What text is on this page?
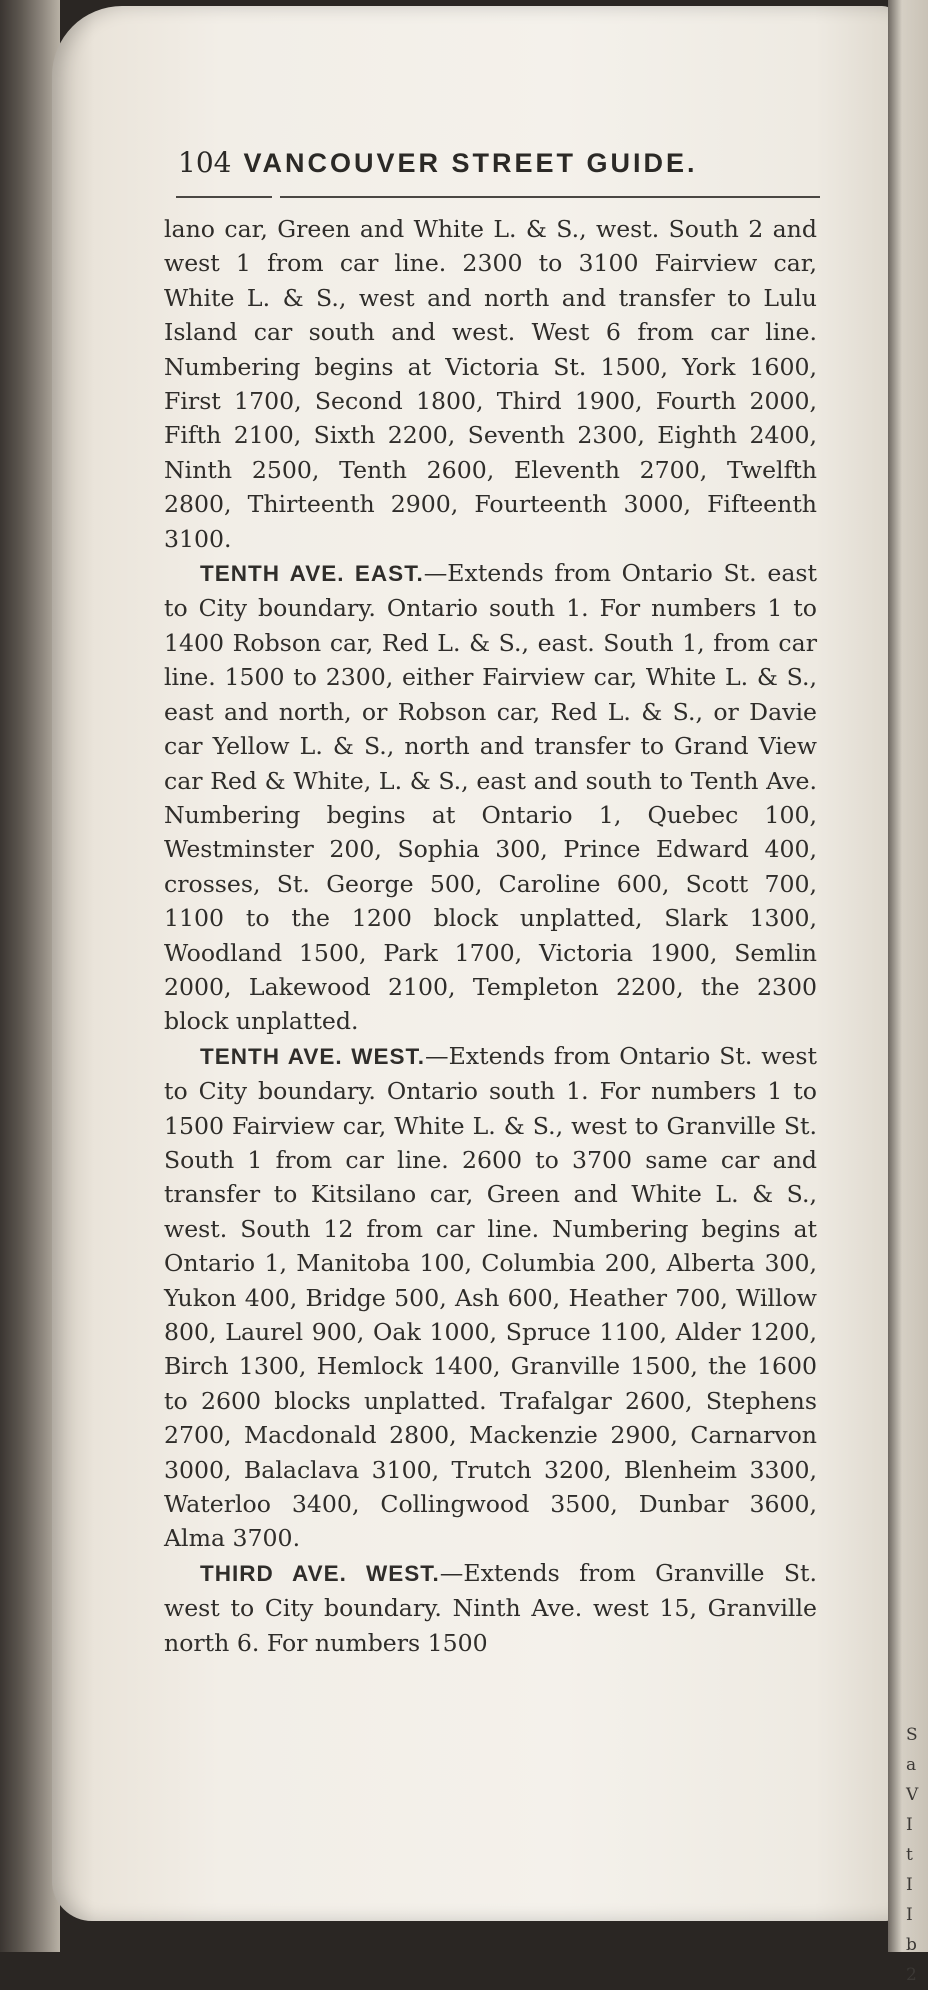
S
a
V
I
t
I
I
b
2
104 VANCOUVER STREET GUIDE.

lano car, Green and White L. & S., west. South 2 and west 1 from car line. 2300 to 3100 Fairview car, White L. & S., west and north and transfer to Lulu Island car south and west. West 6 from car line. Numbering begins at Victoria St. 1500, York 1600, First 1700, Second 1800, Third 1900, Fourth 2000, Fifth 2100, Sixth 2200, Seventh 2300, Eighth 2400, Ninth 2500, Tenth 2600, Eleventh 2700, Twelfth 2800, Thirteenth 2900, Fourteenth 3000, Fifteenth 3100.

TENTH AVE. EAST.—Extends from Ontario St. east to City boundary. Ontario south 1. For numbers 1 to 1400 Robson car, Red L. & S., east. South 1, from car line. 1500 to 2300, either Fairview car, White L. & S., east and north, or Robson car, Red L. & S., or Davie car Yellow L. & S., north and transfer to Grand View car Red & White, L. & S., east and south to Tenth Ave. Numbering begins at Ontario 1, Quebec 100, Westminster 200, Sophia 300, Prince Edward 400, crosses, St. George 500, Caroline 600, Scott 700, 1100 to the 1200 block unplatted, Slark 1300, Woodland 1500, Park 1700, Victoria 1900, Semlin 2000, Lakewood 2100, Templeton 2200, the 2300 block unplatted.

TENTH AVE. WEST.—Extends from Ontario St. west to City boundary. Ontario south 1. For numbers 1 to 1500 Fairview car, White L. & S., west to Granville St. South 1 from car line. 2600 to 3700 same car and transfer to Kitsilano car, Green and White L. & S., west. South 12 from car line. Numbering begins at Ontario 1, Manitoba 100, Columbia 200, Alberta 300, Yukon 400, Bridge 500, Ash 600, Heather 700, Willow 800, Laurel 900, Oak 1000, Spruce 1100, Alder 1200, Birch 1300, Hemlock 1400, Granville 1500, the 1600 to 2600 blocks unplatted. Trafalgar 2600, Stephens 2700, Macdonald 2800, Mackenzie 2900, Carnarvon 3000, Balaclava 3100, Trutch 3200, Blenheim 3300, Waterloo 3400, Collingwood 3500, Dunbar 3600, Alma 3700.

THIRD AVE. WEST.—Extends from Granville St. west to City boundary. Ninth Ave. west 15, Granville north 6. For numbers 1500
